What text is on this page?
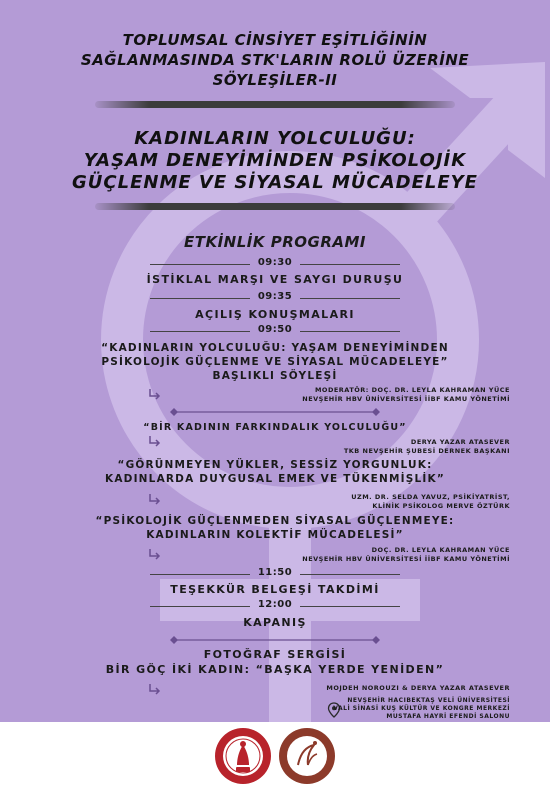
TOPLUMSAL CİNSİYET EŞİTLİĞİNİN
SAĞLANMASINDA STK'LARIN ROLÜ ÜZERİNE
SÖYLEŞİLER-II
KADINLARIN YOLCULUĞU:
YAŞAM DENEYİMİNDEN PSİKOLOJİK
GÜÇLENME VE SİYASAL MÜCADELEYE
ETKİNLİK PROGRAMI
09:30
İSTİKLAL MARŞI VE SAYGI DURUŞU
09:35
AÇILIŞ KONUŞMALARI
09:50
“KADINLARIN YOLCULUĞU: YAŞAM DENEYİMİNDEN
PSİKOLOJİK GÜÇLENME VE SİYASAL MÜCADELEYE”
BAŞLIKLI SÖYLEŞİ
MODERATÖR: DOÇ. DR. LEYLA KAHRAMAN YÜCE
NEVŞEHİR HBV ÜNİVERSİTESİ İİBF KAMU YÖNETİMİ
“BİR KADININ FARKINDALIK YOLCULUĞU”
DERYA YAZAR ATASEVER
TKB NEVŞEHİR ŞUBESİ DERNEK BAŞKANI
“GÖRÜNMEYEN YÜKLER, SESSİZ YORGUNLUK:
KADINLARDA DUYGUSAL EMEK VE TÜKENMİŞLİK”
UZM. DR. SELDA YAVUZ, PSİKİYATRİST,
KLİNİK PSİKOLOG MERVE ÖZTÜRK
“PSİKOLOJİK GÜÇLENMEDEN SİYASAL GÜÇLENMEYE:
KADINLARIN KOLEKTİF MÜCADELESİ”
DOÇ. DR. LEYLA KAHRAMAN YÜCE
NEVŞEHİR HBV ÜNİVERSİTESİ İİBF KAMU YÖNETİMİ
11:50
TEŞEKKÜR BELGEŞİ TAKDİMİ
12:00
KAPANIŞ
FOTOĞRAF SERGİSİ
BİR GÖÇ İKİ KADIN: “BAŞKA YERDE YENİDEN”
MOJDEH NOROUZI & DERYA YAZAR ATASEVER
NEVŞEHİR HACIBEKTAŞ VELİ ÜNİVERSİTESİ
VALİ SİNASİ KUŞ KÜLTÜR VE KONGRE MERKEZİ
MUSTAFA HAYRİ EFENDİ SALONU
